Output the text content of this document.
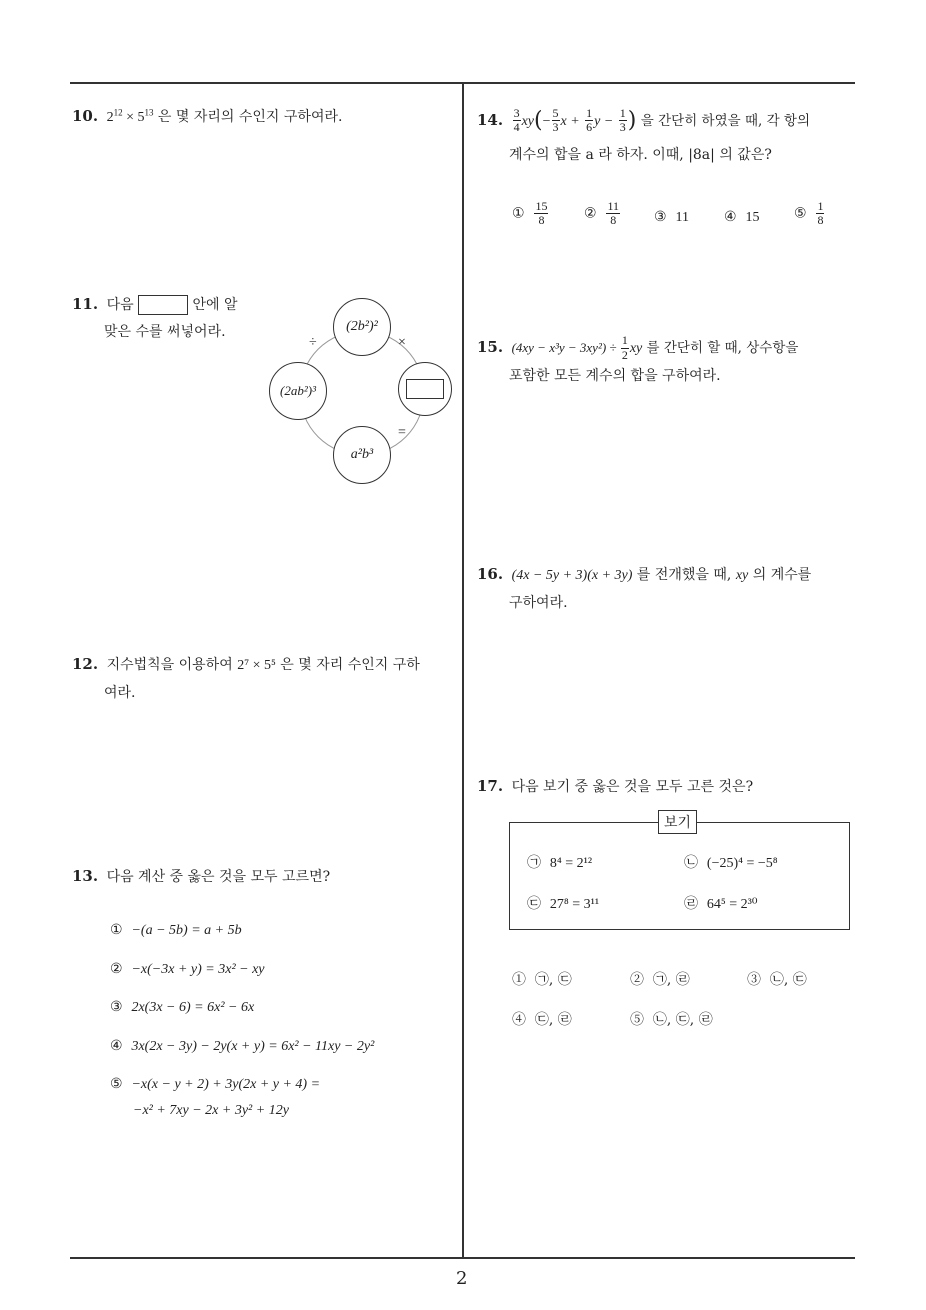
10. $2^{12} \times 5^{13}$ 은 몇 자리의 수인지 구하여라.
11. 다음	안에 알
맞은 수를 써넣어라.	(2b²)²
(2ab²)³
a²b³
÷	×
=
12. 지수법칙을 이용하여 2⁷ × 5⁵ 은 몇 자리 수인지 구하
여라.
13. 다음 계산 중 옳은 것을 모두 고르면?
① −(a − 5b) = a + 5b
② −x(−3x + y) = 3x² − xy
③ 2x(3x − 6) = 6x² − 6x
④ 3x(2x − 3y) − 2y(x + y) = 6x² − 11xy − 2y²
⑤ −x(x − y + 2) + 3y(2x + y + 4) =
−x² + 7xy − 2x + 3y² + 12y
14. $\frac{3}{4} xy(- \frac{5}{3}$ $x + \frac{1}{6}$ $y - \frac{1}{3}$ ) 을 간단히 하였을 때, 각 항의
계수의 합을 a 라 하자. 이때, |8a| 의 값은?
① $\frac{15}{8}$	② $\frac{11}{8}$ ③ 11	④ 15 ⑤ $\frac{1}{8}$
15. $(4xy - x^3y - 3xy^2) \div \frac{1}{2}$ xy 를 간단히 할 때, 상수항을
포함한 모든 계수의 합을 구하여라.
16. (4x − 5y + 3)(x + 3y) 를 전개했을 때, xy 의 계수를
구하여라.
17. 다음 보기 중 옳은 것을 모두 고른 것은?
보기
㉠ 8⁴ = 2¹²	㉡ (−25)⁴ = −5⁸
㉢ 27⁸ = 3¹¹	㉣ 64⁵ = 2³⁰
① ㉠, ㉢	② ㉠, ㉣	③ ㉡, ㉢
④ ㉢, ㉣	⑤ ㉡, ㉢, ㉣
2
